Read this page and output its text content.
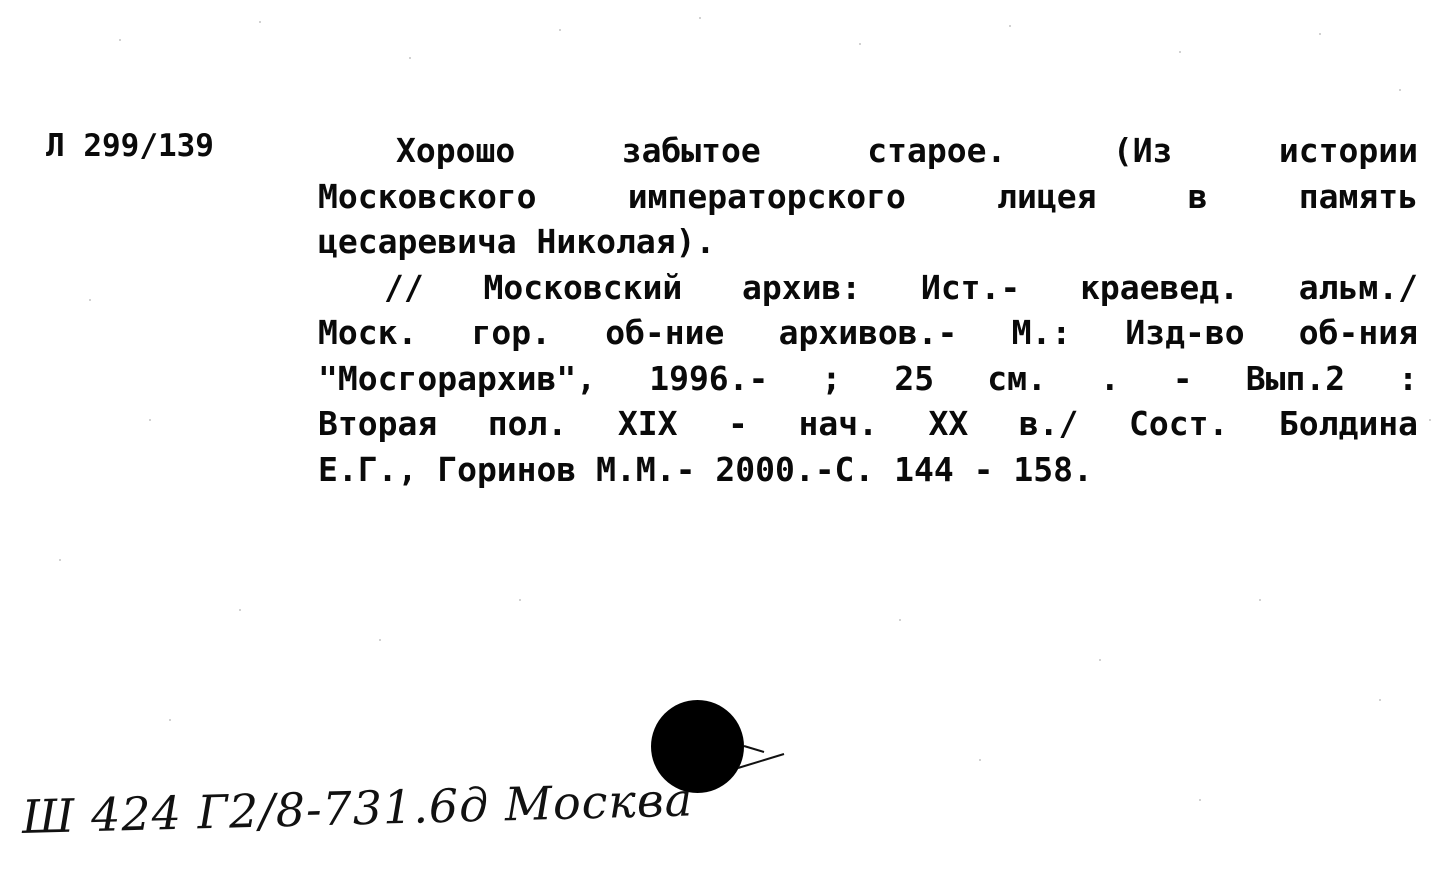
Л 299/139	Хорошо забытое старое. (Из истории
Московского императорского лицея в память
цесаревича Николая).
// Московский архив: Ист.- краевед. альм./
Моск. гор. об-ние архивов.- М.: Изд-во об-ния
"Мосгорархив", 1996.- ; 25 см. . - Вып.2 :
Вторая пол. XIX - нач. XX в./ Сост. Болдина
Е.Г., Горинов М.М.- 2000.-С. 144 - 158.
Ш 424 Г2/8-731.6д Москва
